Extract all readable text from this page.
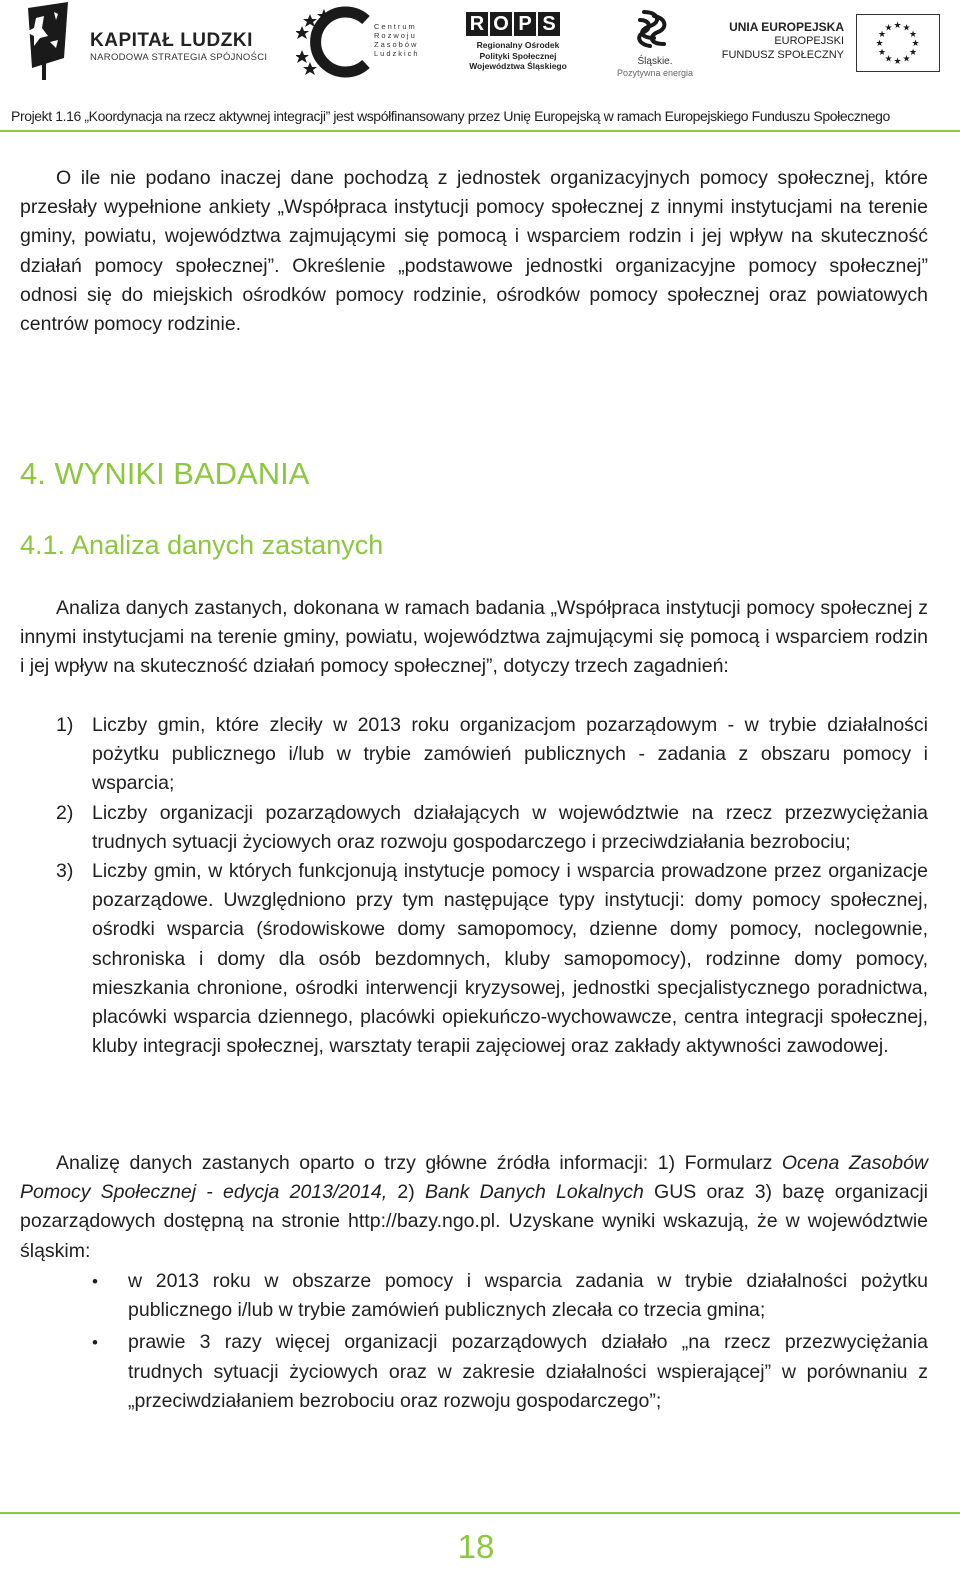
KAPITAŁ LUDZKI
NARODOWA STRATEGIA SPÓJNOŚCI
Centrum Rozwoju Zasobów Ludzkich
R O P S
Regionalny Ośrodek
Polityki Społecznej
Województwa Śląskiego	Śląskie.
Pozytywna energia
UNIA EUROPEJSKA
EUROPEJSKI
FUNDUSZ SPOŁECZNY
★ ★
★
★
★
★
★
★
★
★
★
★
Projekt 1.16 „Koordynacja na rzecz aktywnej integracji” jest współfinansowany przez Unię Europejską w ramach Europejskiego Funduszu Społecznego

O ile nie podano inaczej dane pochodzą z jednostek organizacyjnych pomocy społecznej, które przesłały wypełnione ankiety „Współpraca instytucji pomocy społecznej z innymi instytucjami na terenie gminy, powiatu, województwa zajmującymi się pomocą i wsparciem rodzin i jej wpływ na skuteczność działań pomocy społecznej”. Określenie „podstawowe jednostki organizacyjne pomocy społecznej” odnosi się do miejskich ośrodków pomocy rodzinie, ośrodków pomocy społecznej oraz powiatowych centrów pomocy rodzinie.

4. WYNIKI BADANIA
4.1. Analiza danych zastanych

Analiza danych zastanych, dokonana w ramach badania „Współpraca instytucji pomocy społecznej z innymi instytucjami na terenie gminy, powiatu, województwa zajmującymi się pomocą i wsparciem rodzin i jej wpływ na skuteczność działań pomocy społecznej”, dotyczy trzech zagadnień:

1) Liczby gmin, które zleciły w 2013 roku organizacjom pozarządowym - w trybie działalności pożytku publicznego i/lub w trybie zamówień publicznych - zadania z obszaru pomocy i wsparcia;
2) Liczby organizacji pozarządowych działających w województwie na rzecz przezwyciężania trudnych sytuacji życiowych oraz rozwoju gospodarczego i przeciwdziałania bezrobociu;
3) Liczby gmin, w których funkcjonują instytucje pomocy i wsparcia prowadzone przez organizacje pozarządowe. Uwzględniono przy tym następujące typy instytucji: domy pomocy społecznej, ośrodki wsparcia (środowiskowe domy samopomocy, dzienne domy pomocy, noclegownie, schroniska i domy dla osób bezdomnych, kluby samopomocy), rodzinne domy pomocy, mieszkania chronione, ośrodki interwencji kryzysowej, jednostki specjalistycznego poradnictwa, placówki wsparcia dziennego, placówki opiekuńczo-wychowawcze, centra integracji społecznej, kluby integracji społecznej, warsztaty terapii zajęciowej oraz zakłady aktywności zawodowej.

Analizę danych zastanych oparto o trzy główne źródła informacji: 1) Formularz Ocena Zasobów Pomocy Społecznej - edycja 2013/2014, 2) Bank Danych Lokalnych GUS oraz 3) bazę organizacji pozarządowych dostępną na stronie http://bazy.ngo.pl. Uzyskane wyniki wskazują, że w województwie śląskim:

• w 2013 roku w obszarze pomocy i wsparcia zadania w trybie działalności pożytku publicznego i/lub w trybie zamówień publicznych zlecała co trzecia gmina;
• prawie 3 razy więcej organizacji pozarządowych działało „na rzecz przezwyciężania trudnych sytuacji życiowych oraz w zakresie działalności wspierającej” w porównaniu z „przeciwdziałaniem bezrobociu oraz rozwoju gospodarczego”;
18
